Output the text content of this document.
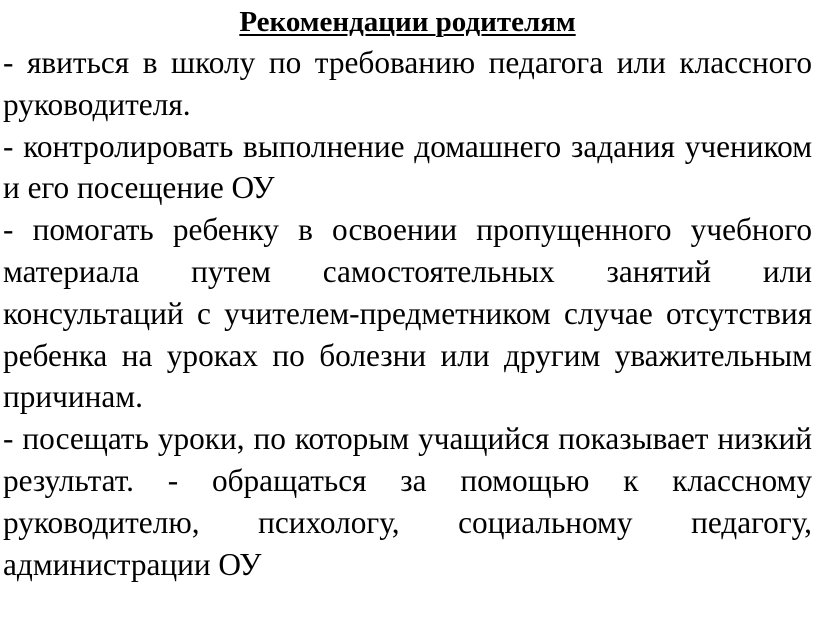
Рекомендации родителям

- явиться в школу по требованию педагога или классного руководителя.

- контролировать выполнение домашнего задания учеником и его посещение ОУ

- помогать ребенку в освоении пропущенного учебного материала путем самостоятельных занятий или консультаций с учителем-предметником случае отсутствия ребенка на уроках по болезни или другим уважительным причинам.

- посещать уроки, по которым учащийся показывает низкий результат. - обращаться за помощью к классному руководителю, психологу, социальному педагогу, администрации ОУ
